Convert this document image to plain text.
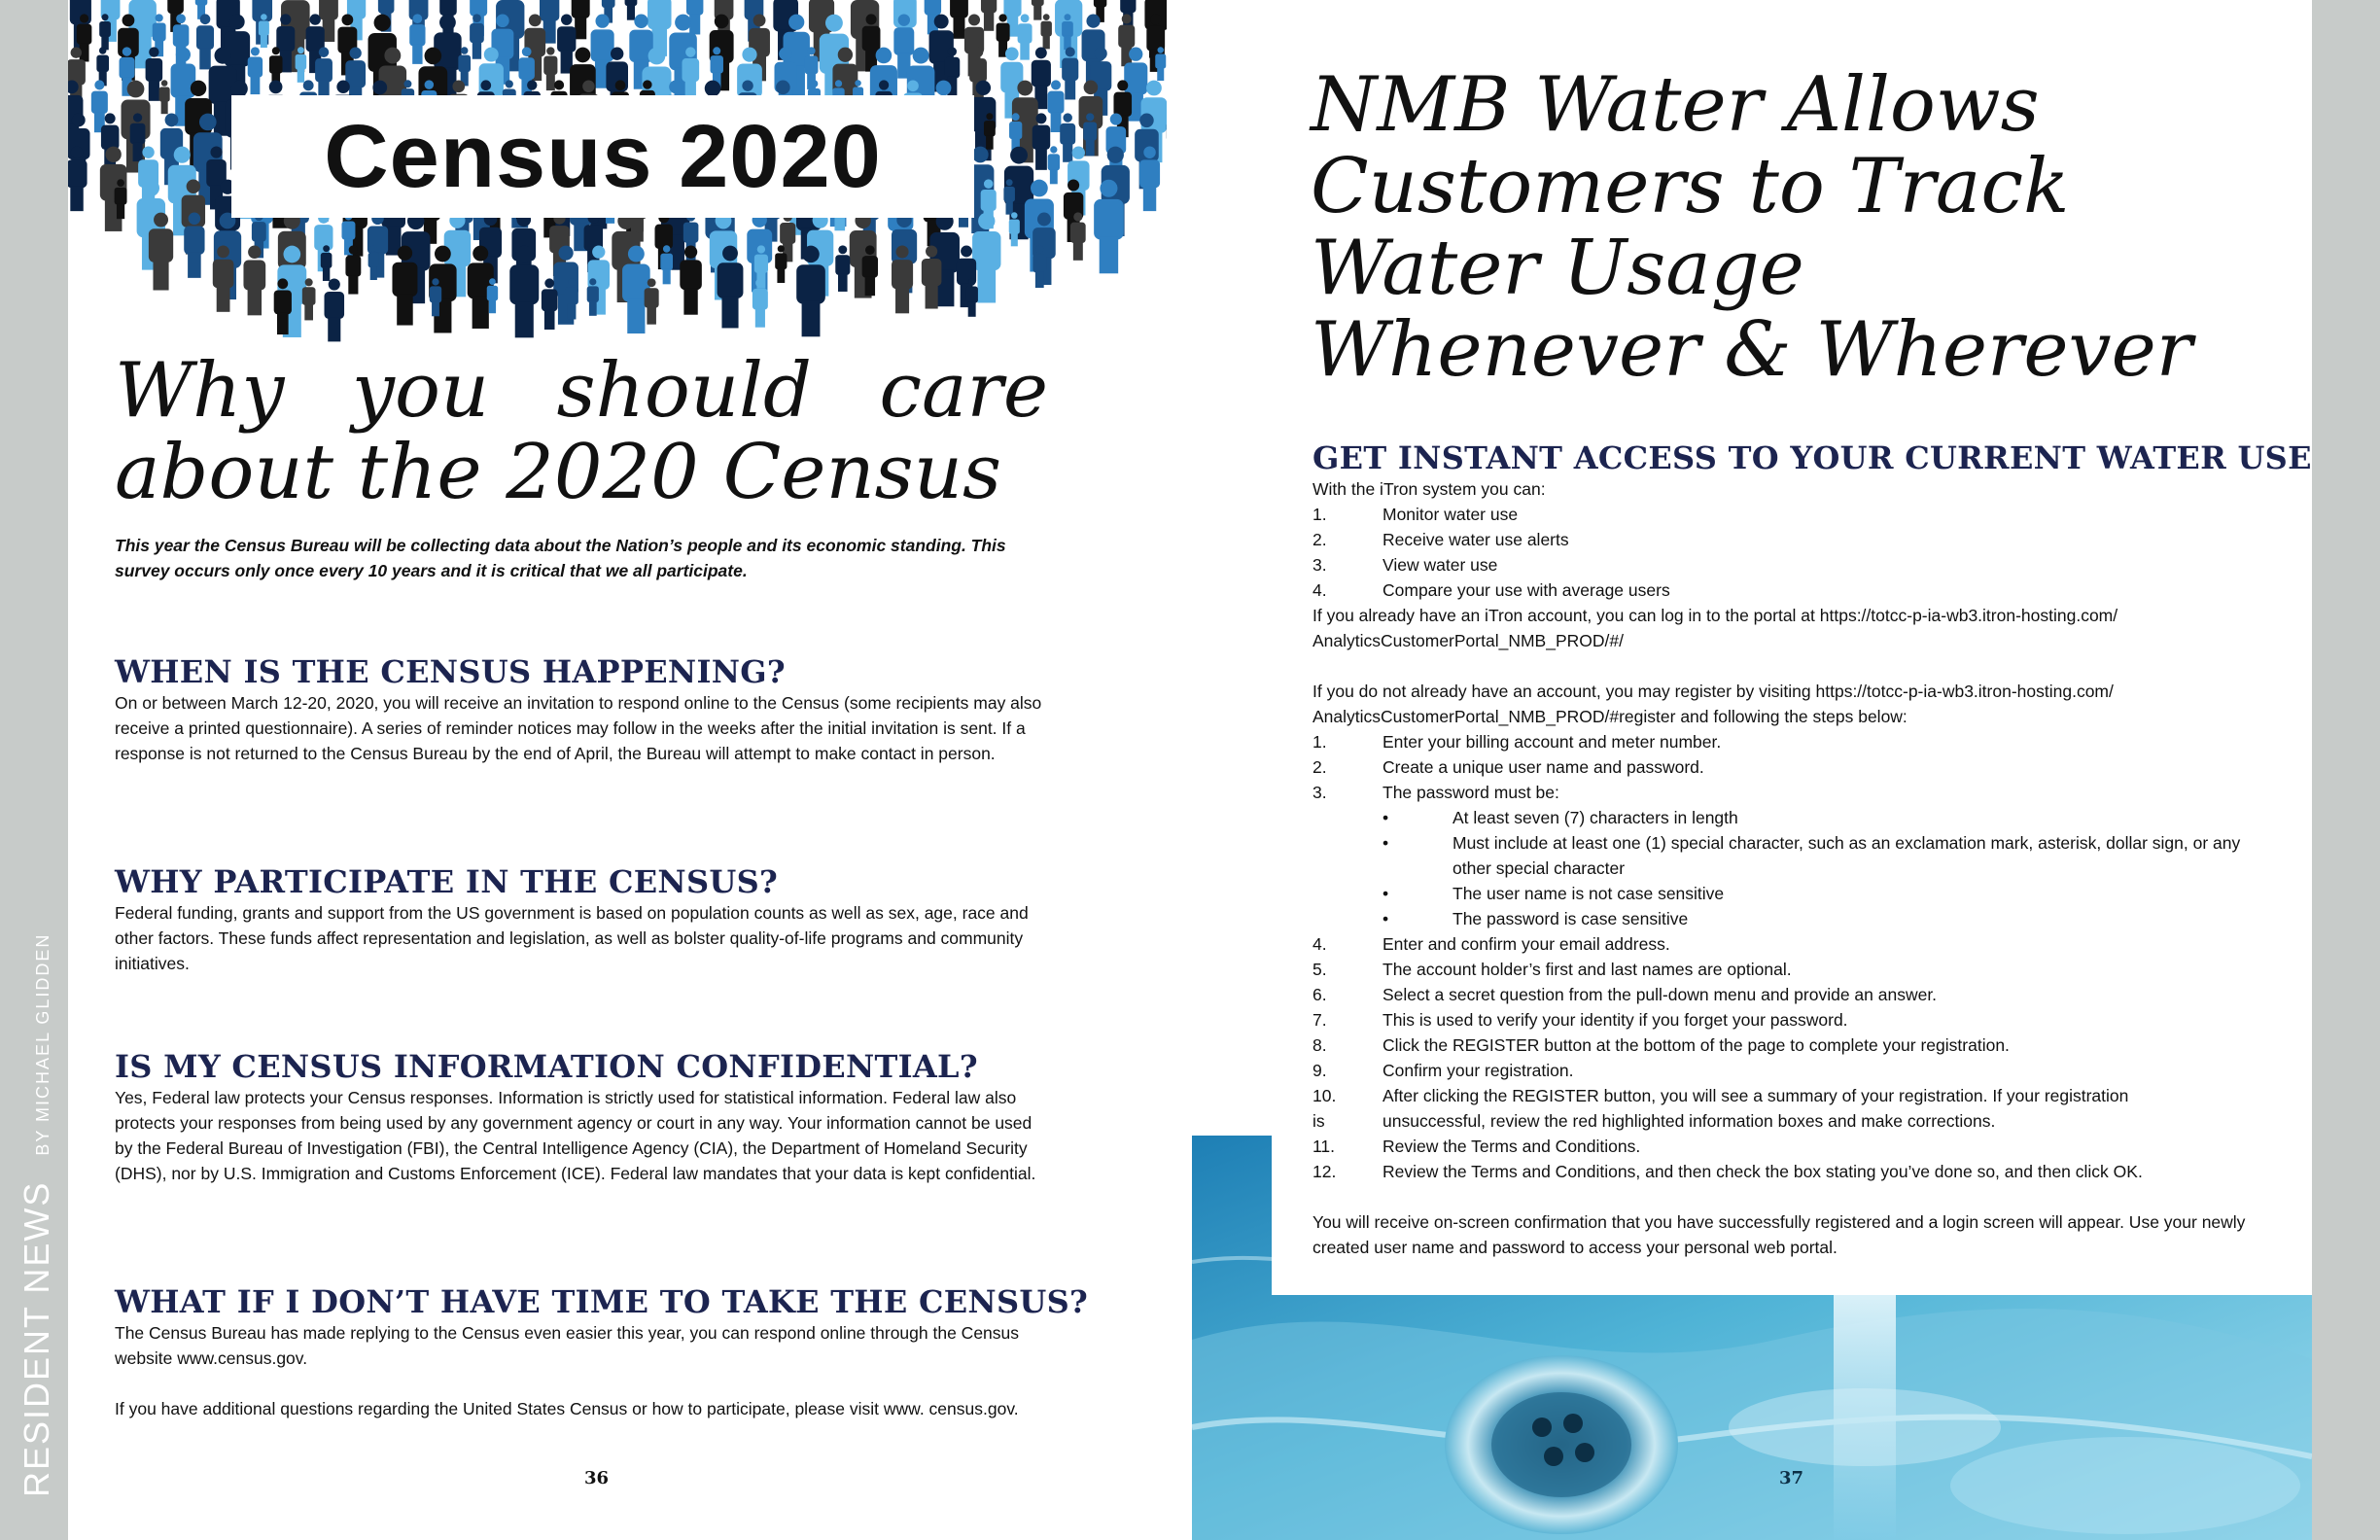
RESIDENT NEWS
BY MICHAEL GLIDDEN
Census 2020
Why you should care about the 2020 Census

This year the Census Bureau will be collecting data about the Nation’s people and its economic standing. This survey occurs only once every 10 years and it is critical that we all participate.

WHEN IS THE CENSUS HAPPENING?

On or between March 12-20, 2020, you will receive an invitation to respond online to the Census (some recipients may also receive a printed questionnaire). A series of reminder notices may follow in the weeks after the initial invitation is sent. If a response is not returned to the Census Bureau by the end of April, the Bureau will attempt to make contact in person.

WHY PARTICIPATE IN THE CENSUS?

Federal funding, grants and support from the US government is based on population counts as well as sex, age, race and other factors. These funds affect representation and legislation, as well as bolster quality-of-life programs and community initiatives.

IS MY CENSUS INFORMATION CONFIDENTIAL?

Yes, Federal law protects your Census responses. Information is strictly used for statistical information. Federal law also protects your responses from being used by any government agency or court in any way. Your information cannot be used by the Federal Bureau of Investigation (FBI), the Central Intelligence Agency (CIA), the Department of Homeland Security (DHS), nor by U.S. Immigration and Customs Enforcement (ICE). Federal law mandates that your data is kept confidential.

WHAT IF I DON’T HAVE TIME TO TAKE THE CENSUS?

The Census Bureau has made replying to the Census even easier this year, you can respond online through the Census website www.census.gov.

If you have additional questions regarding the United States Census or how to participate, please visit www. census.gov.

36
NMB Water Allows Customers to Track Water Usage Whenever & Wherever
GET INSTANT ACCESS TO YOUR CURRENT WATER USE

With the iTron system you can:

1.	Monitor water use
2.	Receive water use alerts
3.	View water use
4.	Compare your use with average users

If you already have an iTron account, you can log in to the portal at https://totcc-p-ia-wb3.itron-hosting.com/ AnalyticsCustomerPortal_NMB_PROD/#/

If you do not already have an account, you may register by visiting https://totcc-p-ia-wb3.itron-hosting.com/ AnalyticsCustomerPortal_NMB_PROD/#register and following the steps below:

1.	Enter your billing account and meter number.
2.	Create a unique user name and password.
3.	The password must be:
•	At least seven (7) characters in length
•	Must include at least one (1) special character, such as an exclamation mark, asterisk, dollar sign, or any other special character
•	The user name is not case sensitive
•	The password is case sensitive
4.	Enter and confirm your email address.
5.	The account holder’s first and last names are optional.
6.	Select a secret question from the pull-down menu and provide an answer.
7.	This is used to verify your identity if you forget your password.
8.	Click the REGISTER button at the bottom of the page to complete your registration.
9.	Confirm your registration.
10.	After clicking the REGISTER button, you will see a summary of your registration. If your registration
is	unsuccessful, review the red highlighted information boxes and make corrections.
11.	Review the Terms and Conditions.
12.	Review the Terms and Conditions, and then check the box stating you’ve done so, and then click OK.

You will receive on-screen confirmation that you have successfully registered and a login screen will appear. Use your newly created user name and password to access your personal web portal.

37
